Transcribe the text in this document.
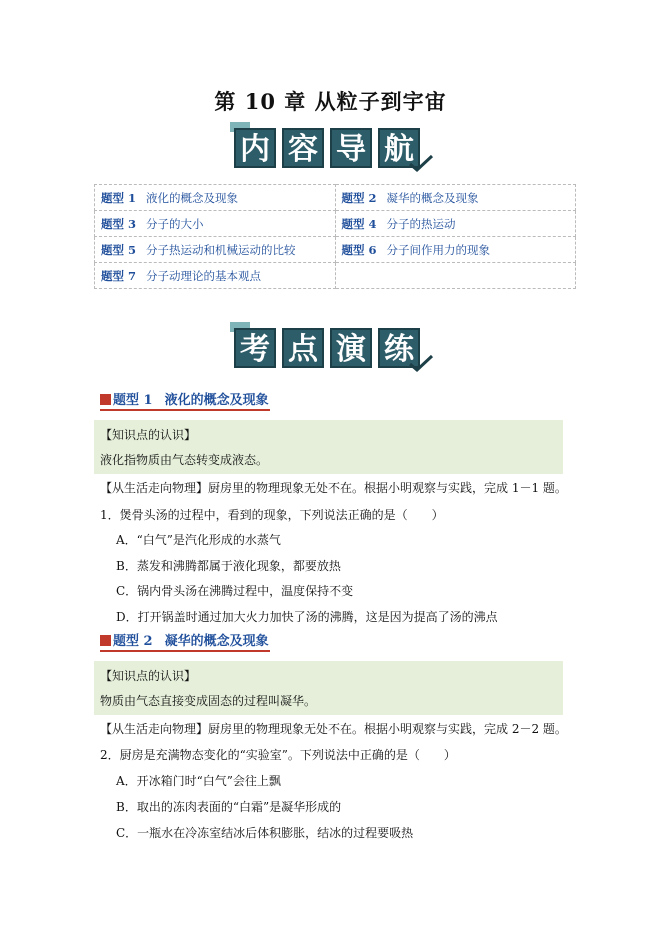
第 10 章 从粒子到宇宙
内 容 导 航
题型 1 液化的概念及现象	题型 2 凝华的概念及现象
题型 3 分子的大小	题型 4 分子的热运动
题型 5 分子热运动和机械运动的比较	题型 6 分子间作用力的现象
题型 7 分子动理论的基本观点	
考 点 演 练
题型 1 液化的概念及现象
【知识点的认识】
液化指物质由气态转变成液态。
【从生活走向物理】厨房里的物理现象无处不在。根据小明观察与实践，完成 1－1 题。
1．煲骨头汤的过程中，看到的现象，下列说法正确的是（　　）
A．“白气”是汽化形成的水蒸气
B．蒸发和沸腾都属于液化现象，都要放热
C．锅内骨头汤在沸腾过程中，温度保持不变
D．打开锅盖时通过加大火力加快了汤的沸腾，这是因为提高了汤的沸点
题型 2 凝华的概念及现象
【知识点的认识】
物质由气态直接变成固态的过程叫凝华。
【从生活走向物理】厨房里的物理现象无处不在。根据小明观察与实践，完成 2－2 题。
2．厨房是充满物态变化的“实验室”。下列说法中正确的是（　　）
A．开冰箱门时“白气”会往上飘
B．取出的冻肉表面的“白霜”是凝华形成的
C．一瓶水在冷冻室结冰后体积膨胀，结冰的过程要吸热
